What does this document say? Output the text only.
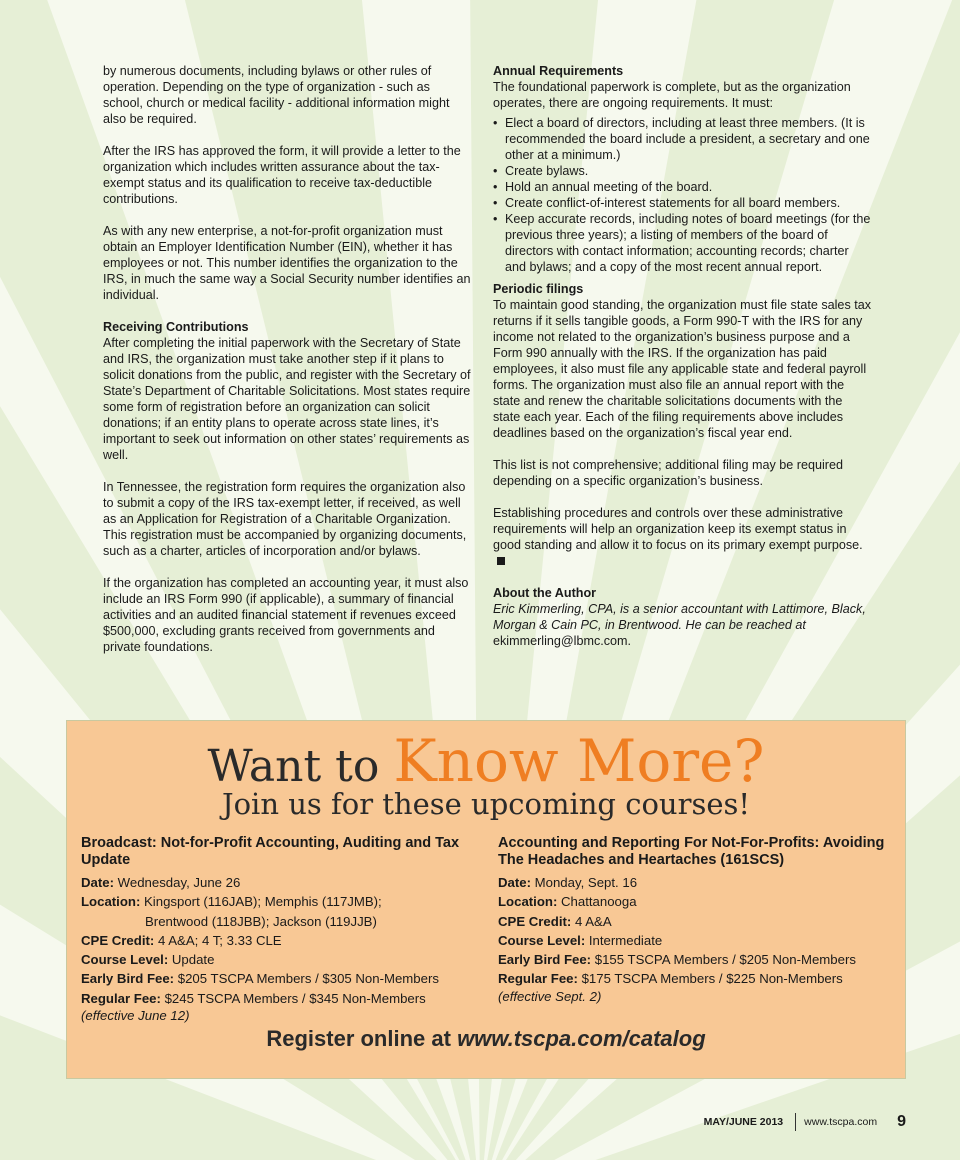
by numerous documents, including bylaws or other rules of operation. Depending on the type of organization - such as school, church or medical facility - additional information might also be required.

After the IRS has approved the form, it will provide a letter to the organization which includes written assurance about the tax-exempt status and its qualification to receive tax-deductible contributions.

As with any new enterprise, a not-for-profit organization must obtain an Employer Identification Number (EIN), whether it has employees or not. This number identifies the organization to the IRS, in much the same way a Social Security number identifies an individual.

Receiving Contributions

After completing the initial paperwork with the Secretary of State and IRS, the organization must take another step if it plans to solicit donations from the public, and register with the Secretary of State’s Department of Charitable Solicitations. Most states require some form of registration before an organization can solicit donations; if an entity plans to operate across state lines, it’s important to seek out information on other states’ requirements as well.

In Tennessee, the registration form requires the organization also to submit a copy of the IRS tax-exempt letter, if received, as well as an Application for Registration of a Charitable Organization. This registration must be accompanied by organizing documents, such as a charter, articles of incorporation and/or bylaws.

If the organization has completed an accounting year, it must also include an IRS Form 990 (if applicable), a summary of financial activities and an audited financial statement if revenues exceed $500,000, excluding grants received from governments and private foundations.

Annual Requirements

The foundational paperwork is complete, but as the organization operates, there are ongoing requirements. It must:

• Elect a board of directors, including at least three members. (It is recommended the board include a president, a secretary and one other at a minimum.)
• Create bylaws.
• Hold an annual meeting of the board.
• Create conflict-of-interest statements for all board members.
• Keep accurate records, including notes of board meetings (for the previous three years); a listing of members of the board of directors with contact information; accounting records; charter and bylaws; and a copy of the most recent annual report.
Periodic filings

To maintain good standing, the organization must file state sales tax returns if it sells tangible goods, a Form 990-T with the IRS for any income not related to the organization’s business purpose and a Form 990 annually with the IRS. If the organization has paid employees, it also must file any applicable state and federal payroll forms. The organization must also file an annual report with the state and renew the charitable solicitations documents with the state each year. Each of the filing requirements above includes deadlines based on the organization’s fiscal year end.

This list is not comprehensive; additional filing may be required depending on a specific organization’s business.

Establishing procedures and controls over these administrative requirements will help an organization keep its exempt status in good standing and allow it to focus on its primary exempt purpose.

About the Author

Eric Kimmerling, CPA, is a senior accountant with Lattimore, Black, Morgan & Cain PC, in Brentwood. He can be reached at
ekimmerling@lbmc.com.

Want to Know More?
Join us for these upcoming courses!
Broadcast: Not-for-Profit Accounting, Auditing and Tax Update
Date: Wednesday, June 26
Location: Kingsport (116JAB); Memphis (117JMB);
Brentwood (118JBB); Jackson (119JJB)
CPE Credit: 4 A&A; 4 T; 3.33 CLE
Course Level: Update
Early Bird Fee: $205 TSCPA Members / $305 Non-Members
Regular Fee: $245 TSCPA Members / $345 Non-Members
(effective June 12)
Accounting and Reporting For Not-For-Profits: Avoiding The Headaches and Heartaches (161SCS)
Date: Monday, Sept. 16
Location: Chattanooga
CPE Credit: 4 A&A
Course Level: Intermediate
Early Bird Fee: $155 TSCPA Members / $205 Non-Members
Regular Fee: $175 TSCPA Members / $225 Non-Members
(effective Sept. 2)
Register online at www.tscpa.com/catalog
MAY/JUNE 2013 www.tscpa.com 9
